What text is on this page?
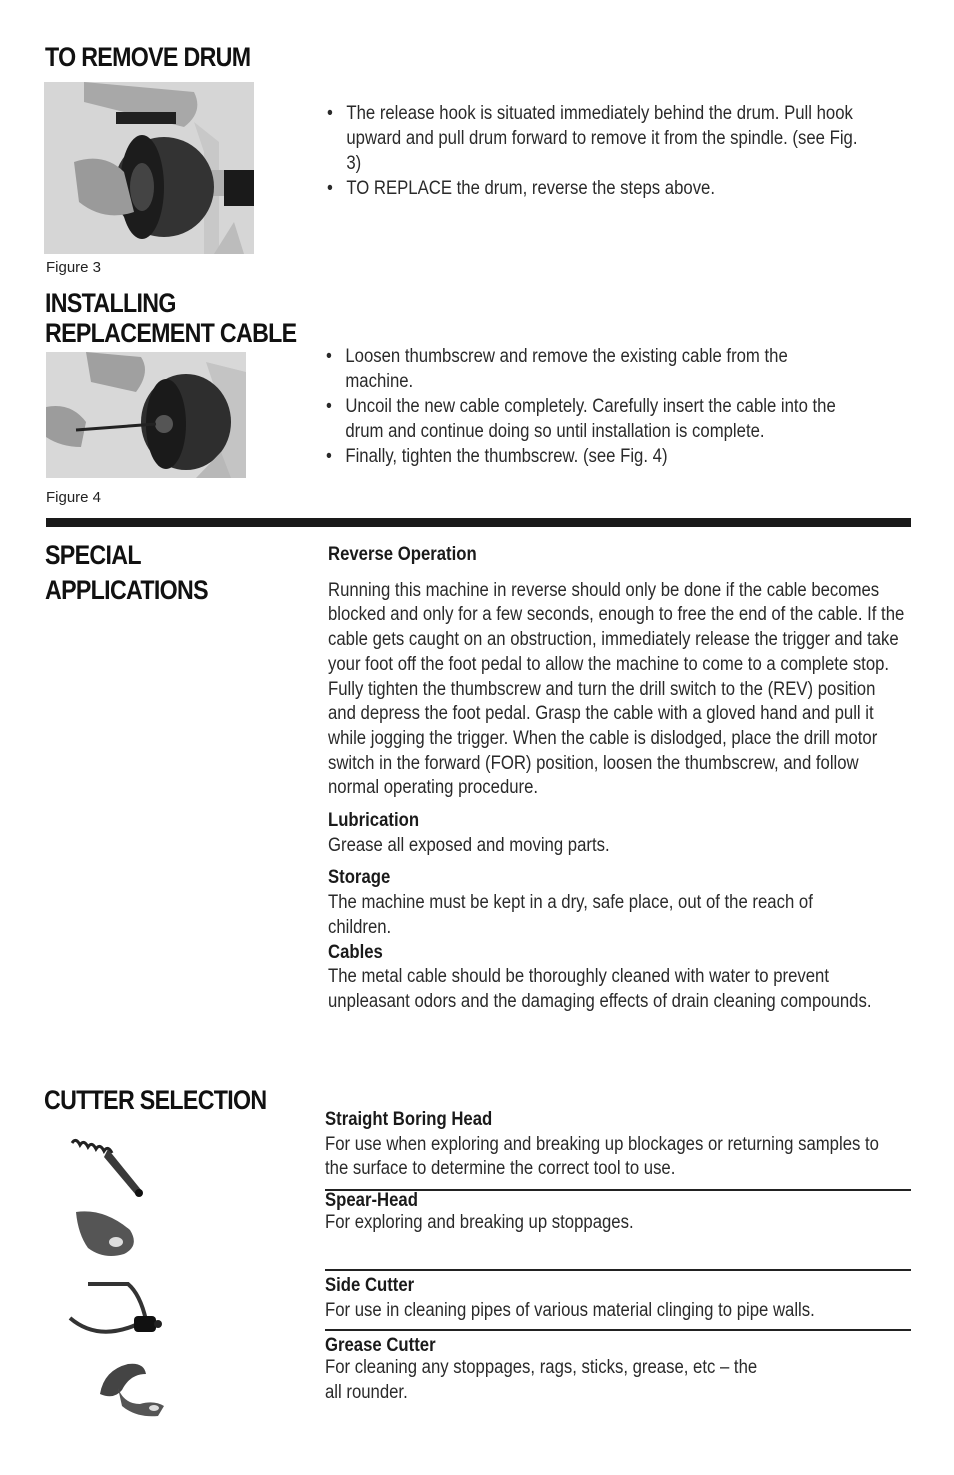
TO REMOVE DRUM
Figure 3
• The release hook is situated immediately behind the drum. Pull hook upward and pull drum forward to remove it from the spindle. (see Fig. 3)
• TO REPLACE the drum, reverse the steps above.
INSTALLING
REPLACEMENT CABLE
Figure 4
• Loosen thumbscrew and remove the existing cable from the machine.
• Uncoil the new cable completely. Carefully insert the cable into the drum and continue doing so until installation is complete.
• Finally, tighten the thumbscrew. (see Fig. 4)
SPECIAL
APPLICATIONS
Reverse Operation
Running this machine in reverse should only be done if the cable becomes blocked and only for a few seconds, enough to free the end of the cable. If the cable gets caught on an obstruction, immediately release the trigger and take your foot off the foot pedal to allow the machine to come to a complete stop. Fully tighten the thumbscrew and turn the drill switch to the (REV) position and depress the foot pedal. Grasp the cable with a gloved hand and pull it while jogging the trigger. When the cable is dislodged, place the drill motor switch in the forward (FOR) position, loosen the thumbscrew, and follow normal operating procedure.
Lubrication
Grease all exposed and moving parts.
Storage
The machine must be kept in a dry, safe place, out of the reach of children.
Cables
The metal cable should be thoroughly cleaned with water to prevent unpleasant odors and the damaging effects of drain cleaning compounds.
CUTTER SELECTION
Straight Boring Head
For use when exploring and breaking up blockages or returning samples to the surface to determine the correct tool to use.
Spear-Head
For exploring and breaking up stoppages.
Side Cutter
For use in cleaning pipes of various material clinging to pipe walls.
Grease Cutter
For cleaning any stoppages, rags, sticks, grease, etc – the all rounder.
